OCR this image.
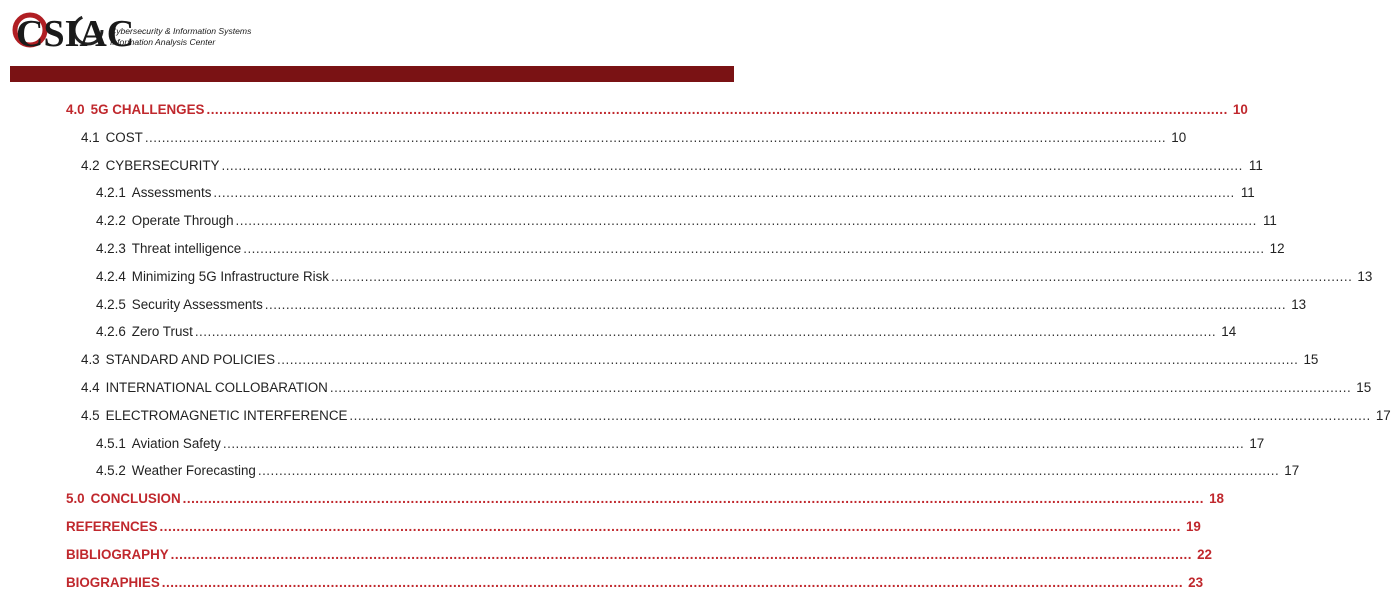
CSIAC
Cybersecurity & Information Systems
Information Analysis Center
4.0 5G CHALLENGES .....	10
4.1 COST .....	10
4.2 CYBERSECURITY .....	11
4.2.1 Assessments .....	11
4.2.2 Operate Through .....	11
4.2.3 Threat intelligence .....	12
4.2.4 Minimizing 5G Infrastructure Risk .....	13
4.2.5 Security Assessments .....	13
4.2.6 Zero Trust .....	14
4.3 STANDARD AND POLICIES .....	15
4.4 INTERNATIONAL COLLOBARATION .....	15
4.5 ELECTROMAGNETIC INTERFERENCE .....	17
4.5.1 Aviation Safety .....	17
4.5.2 Weather Forecasting .....	17
5.0 CONCLUSION .....	18
REFERENCES .....	19
BIBLIOGRAPHY .....	22
BIOGRAPHIES .....	23
